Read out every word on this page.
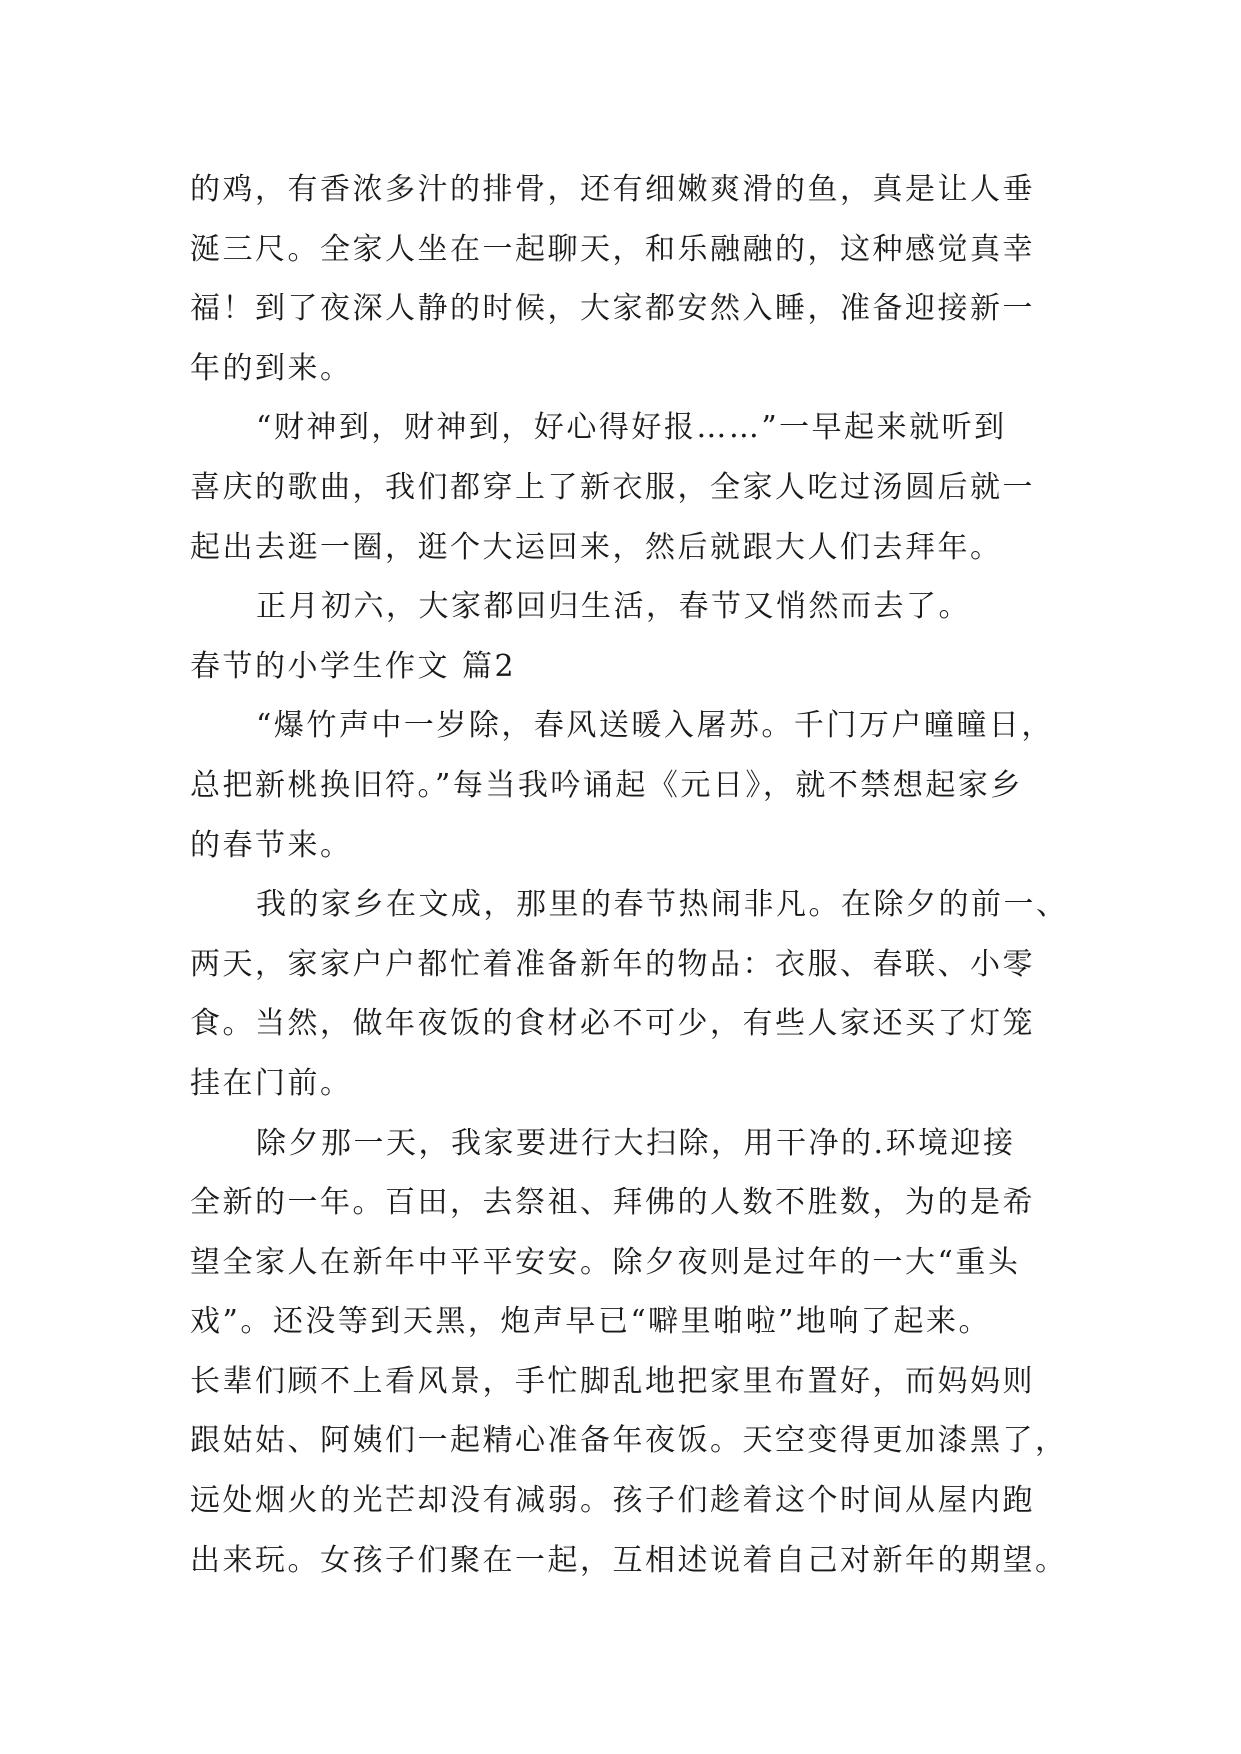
的鸡，有香浓多汁的排骨，还有细嫩爽滑的鱼，真是让人垂
涎三尺。全家人坐在一起聊天，和乐融融的，这种感觉真幸
福！到了夜深人静的时候，大家都安然入睡，准备迎接新一
年的到来。
“财神到，财神到，好心得好报……”一早起来就听到
喜庆的歌曲，我们都穿上了新衣服，全家人吃过汤圆后就一
起出去逛一圈，逛个大运回来，然后就跟大人们去拜年。
正月初六，大家都回归生活，春节又悄然而去了。
春节的小学生作文 篇2
“爆竹声中一岁除，春风送暖入屠苏。千门万户曈曈日，
总把新桃换旧符。”每当我吟诵起《元日》，就不禁想起家乡
的春节来。
我的家乡在文成，那里的春节热闹非凡。在除夕的前一、
两天，家家户户都忙着准备新年的物品：衣服、春联、小零
食。当然，做年夜饭的食材必不可少，有些人家还买了灯笼
挂在门前。
除夕那一天，我家要进行大扫除，用干净的.环境迎接
全新的一年。百田，去祭祖、拜佛的人数不胜数，为的是希
望全家人在新年中平平安安。除夕夜则是过年的一大“重头
戏”。还没等到天黑，炮声早已“噼里啪啦”地响了起来。
长辈们顾不上看风景，手忙脚乱地把家里布置好，而妈妈则
跟姑姑、阿姨们一起精心准备年夜饭。天空变得更加漆黑了，
远处烟火的光芒却没有减弱。孩子们趁着这个时间从屋内跑
出来玩。女孩子们聚在一起，互相述说着自己对新年的期望。
